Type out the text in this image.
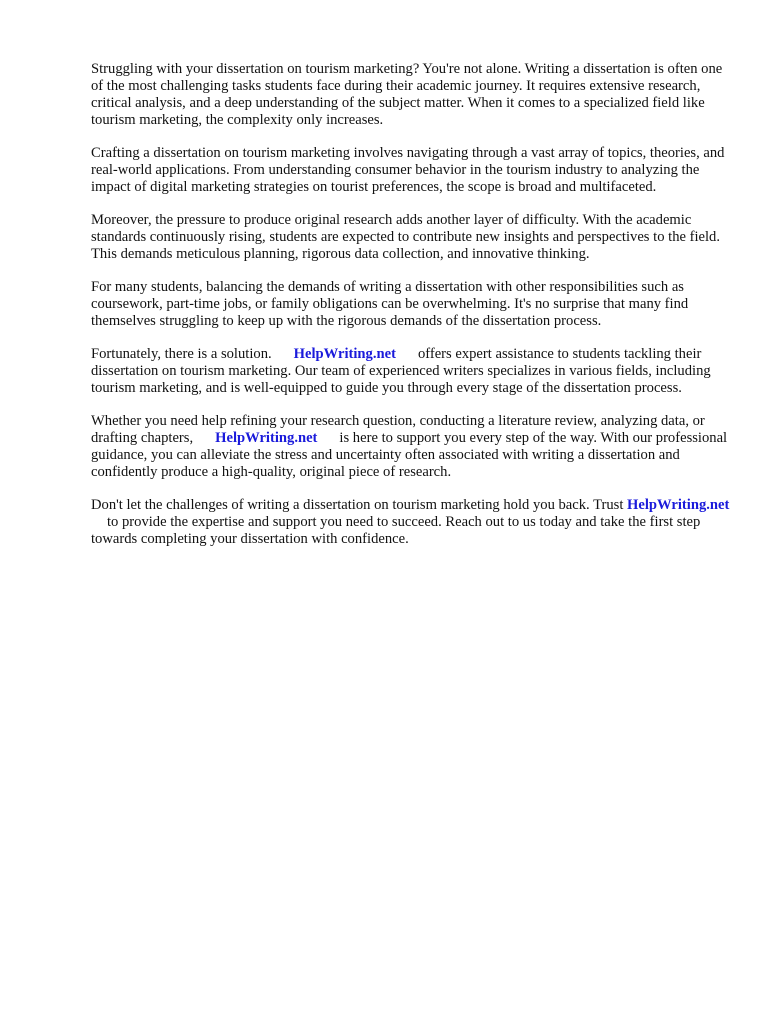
Struggling with your dissertation on tourism marketing? You're not alone. Writing a dissertation is often one of the most challenging tasks students face during their academic journey. It requires extensive research, critical analysis, and a deep understanding of the subject matter. When it comes to a specialized field like tourism marketing, the complexity only increases.

Crafting a dissertation on tourism marketing involves navigating through a vast array of topics, theories, and real-world applications. From understanding consumer behavior in the tourism industry to analyzing the impact of digital marketing strategies on tourist preferences, the scope is broad and multifaceted.

Moreover, the pressure to produce original research adds another layer of difficulty. With the academic standards continuously rising, students are expected to contribute new insights and perspectives to the field. This demands meticulous planning, rigorous data collection, and innovative thinking.

For many students, balancing the demands of writing a dissertation with other responsibilities such as coursework, part-time jobs, or family obligations can be overwhelming. It's no surprise that many find themselves struggling to keep up with the rigorous demands of the dissertation process.

Fortunately, there is a solution. HelpWriting.net offers expert assistance to students tackling their dissertation on tourism marketing. Our team of experienced writers specializes in various fields, including tourism marketing, and is well-equipped to guide you through every stage of the dissertation process.

Whether you need help refining your research question, conducting a literature review, analyzing data, or drafting chapters, HelpWriting.net is here to support you every step of the way. With our professional guidance, you can alleviate the stress and uncertainty often associated with writing a dissertation and confidently produce a high-quality, original piece of research.

Don't let the challenges of writing a dissertation on tourism marketing hold you back. Trust HelpWriting.netto provide the expertise and support you need to succeed. Reach out to us today and take the first step towards completing your dissertation with confidence.
